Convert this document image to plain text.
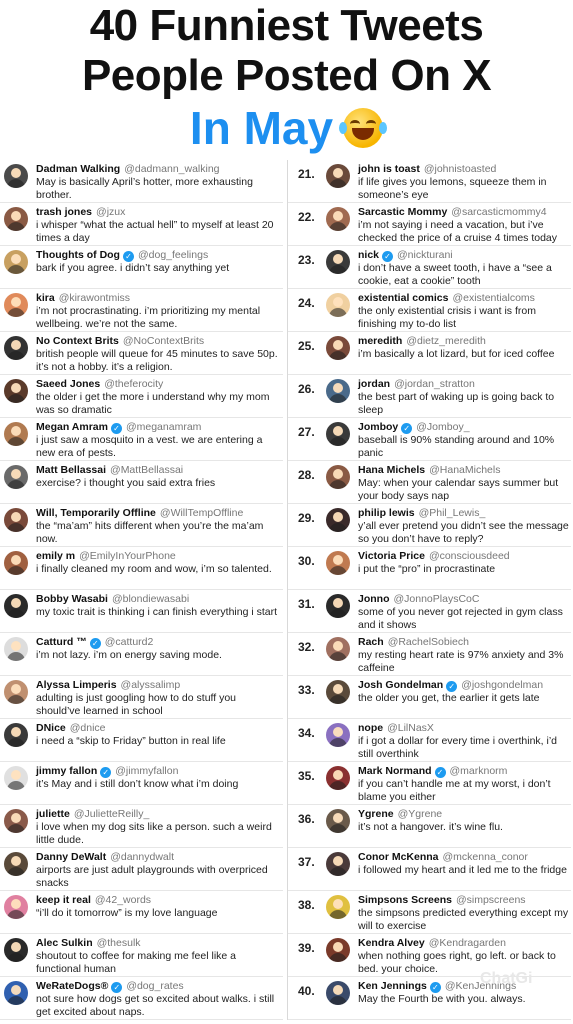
40 Funniest Tweets
People Posted On X
In May
Dadman Walking @dadmann_walking
May is basically April’s hotter, more exhausting brother.
trash jones @jzux
i whisper “what the actual hell” to myself at least 20 times a day
Thoughts of Dog ✓ @dog_feelings
bark if you agree. i didn’t say anything yet
kira @kirawontmiss
i’m not procrastinating. i’m prioritizing my mental wellbeing. we’re not the same.
No Context Brits @NoContextBrits
british people will queue for 45 minutes to save 50p. it’s not a hobby. it’s a religion.
Saeed Jones @theferocity
the older i get the more i understand why my mom was so dramatic
Megan Amram ✓ @meganamram
i just saw a mosquito in a vest. we are entering a new era of pests.
Matt Bellassai @MattBellassai
exercise? i thought you said extra fries
Will, Temporarily Offline @WillTempOffline
the “ma’am” hits different when you’re the ma’am now.
emily m @EmilyInYourPhone
i finally cleaned my room and wow, i’m so talented.
Bobby Wasabi @blondiewasabi
my toxic trait is thinking i can finish everything i start
Catturd ™ ✓ @catturd2
i’m not lazy. i’m on energy saving mode.
Alyssa Limperis @alyssalimp
adulting is just googling how to do stuff you should’ve learned in school
DNice @dnice
i need a “skip to Friday” button in real life
jimmy fallon ✓ @jimmyfallon
it’s May and i still don’t know what i’m doing
juliette @JulietteReilly_
i love when my dog sits like a person. such a weird little dude.
Danny DeWalt @dannydwalt
airports are just adult playgrounds with overpriced snacks
keep it real @42_words
“i’ll do it tomorrow” is my love language
Alec Sulkin @thesulk
shoutout to coffee for making me feel like a functional human
WeRateDogs® ✓ @dog_rates
not sure how dogs get so excited about walks. i still get excited about naps.
21.	john is toast @johnistoasted
if life gives you lemons, squeeze them in someone’s eye
22.	Sarcastic Mommy @sarcasticmommy4
i’m not saying i need a vacation, but i’ve checked the price of a cruise 4 times today
23.	nick ✓ @nickturani
i don’t have a sweet tooth, i have a “see a cookie, eat a cookie” tooth
24.	existential comics @existentialcoms
the only existential crisis i want is from finishing my to-do list
25.	meredith @dietz_meredith
i’m basically a lot lizard, but for iced coffee
26.	jordan @jordan_stratton
the best part of waking up is going back to sleep
27.	Jomboy ✓ @Jomboy_
baseball is 90% standing around and 10% panic
28.	Hana Michels @HanaMichels
May: when your calendar says summer but your body says nap
29.	philip lewis @Phil_Lewis_
y’all ever pretend you didn’t see the message so you don’t have to reply?
30.	Victoria Price @consciousdeed
i put the “pro” in procrastinate
31.	Jonno @JonnoPlaysCoC
some of you never got rejected in gym class and it shows
32.	Rach @RachelSobiech
my resting heart rate is 97% anxiety and 3% caffeine
33.	Josh Gondelman ✓ @joshgondelman
the older you get, the earlier it gets late
34.	nope @LilNasX
if i got a dollar for every time i overthink, i’d still overthink
35.	Mark Normand ✓ @marknorm
if you can’t handle me at my worst, i don’t blame you either
36.	Ygrene @Ygrene
it’s not a hangover. it’s wine flu.
37.	Conor McKenna @mckenna_conor
i followed my heart and it led me to the fridge
38.	Simpsons Screens @simpscreens
the simpsons predicted everything except my will to exercise
39.	Kendra Alvey @Kendragarden
when nothing goes right, go left. or back to bed. your choice.
40.	Ken Jennings ✓ @KenJennings
May the Fourth be with you. always.
ChatGi
